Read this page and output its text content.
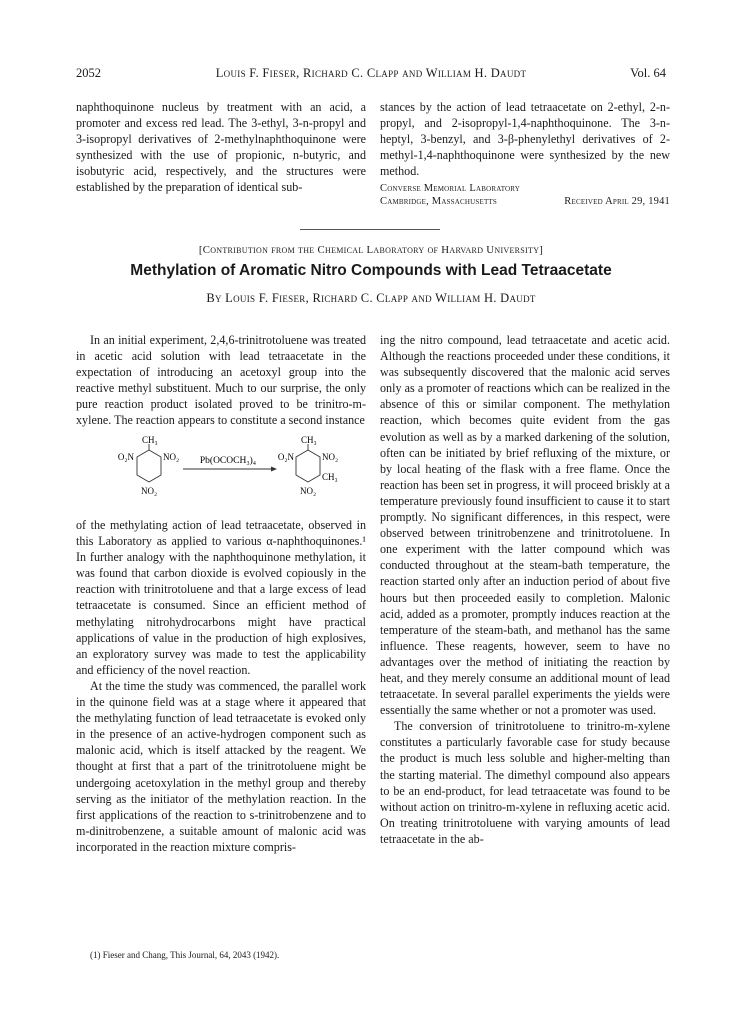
2052	Louis F. Fieser, Richard C. Clapp and William H. Daudt	Vol. 64

naphthoquinone nucleus by treatment with an acid, a promoter and excess red lead. The 3-ethyl, 3-n-propyl and 3-isopropyl derivatives of 2-methylnaphthoquinone were synthesized with the use of propionic, n-butyric, and isobutyric acid, respectively, and the structures were established by the preparation of identical sub-

stances by the action of lead tetraacetate on 2-ethyl, 2-n-propyl, and 2-isopropyl-1,4-naphthoquinone. The 3-n-heptyl, 3-benzyl, and 3-β-phenylethyl derivatives of 2-methyl-1,4-naphthoquinone were synthesized by the new method.

Converse Memorial Laboratory
Cambridge, Massachusetts	Received April 29, 1941
[Contribution from the Chemical Laboratory of Harvard University]
Methylation of Aromatic Nitro Compounds with Lead Tetraacetate
By Louis F. Fieser, Richard C. Clapp and William H. Daudt

In an initial experiment, 2,4,6-trinitrotoluene was treated in acetic acid solution with lead tetraacetate in the expectation of introducing an acetoxyl group into the reactive methyl substituent. Much to our surprise, the only pure reaction product isolated proved to be trinitro-m-xylene. The reaction appears to constitute a second instance

CH₃
O₂N	NO₂
NO₂
Pb(OCOCH₃)₄
CH₃
O₂N	NO₂
CH₃
NO₂

of the methylating action of lead tetraacetate, observed in this Laboratory as applied to various α-naphthoquinones.¹ In further analogy with the naphthoquinone methylation, it was found that carbon dioxide is evolved copiously in the reaction with trinitrotoluene and that a large excess of lead tetraacetate is consumed. Since an efficient method of methylating nitrohydrocarbons might have practical applications of value in the production of high explosives, an exploratory survey was made to test the applicability and efficiency of the novel reaction.

At the time the study was commenced, the parallel work in the quinone field was at a stage where it appeared that the methylating function of lead tetraacetate is evoked only in the presence of an active-hydrogen component such as malonic acid, which is itself attacked by the reagent. We thought at first that a part of the trinitrotoluene might be undergoing acetoxylation in the methyl group and thereby serving as the initiator of the methylation reaction. In the first applications of the reaction to s-trinitrobenzene and to m-dinitrobenzene, a suitable amount of malonic acid was incorporated in the reaction mixture compris-

(1) Fieser and Chang, This Journal, 64, 2043 (1942).

ing the nitro compound, lead tetraacetate and acetic acid. Although the reactions proceeded under these conditions, it was subsequently discovered that the malonic acid serves only as a promoter of reactions which can be realized in the absence of this or similar component. The methylation reaction, which becomes quite evident from the gas evolution as well as by a marked darkening of the solution, often can be initiated by brief refluxing of the mixture, or by local heating of the flask with a free flame. Once the reaction has been set in progress, it will proceed briskly at a temperature previously found insufficient to cause it to start promptly. No significant differences, in this respect, were observed between trinitrobenzene and trinitrotoluene. In one experiment with the latter compound which was conducted throughout at the steam-bath temperature, the reaction started only after an induction period of about five hours but then proceeded easily to completion. Malonic acid, added as a promoter, promptly induces reaction at the temperature of the steam-bath, and methanol has the same influence. These reagents, however, seem to have no advantages over the method of initiating the reaction by heat, and they merely consume an additional mount of lead tetraacetate. In several parallel experiments the yields were essentially the same whether or not a promoter was used.

The conversion of trinitrotoluene to trinitro-m-xylene constitutes a particularly favorable case for study because the product is much less soluble and higher-melting than the starting material. The dimethyl compound also appears to be an end-product, for lead tetraacetate was found to be without action on trinitro-m-xylene in refluxing acetic acid. On treating trinitrotoluene with varying amounts of lead tetraacetate in the ab-
